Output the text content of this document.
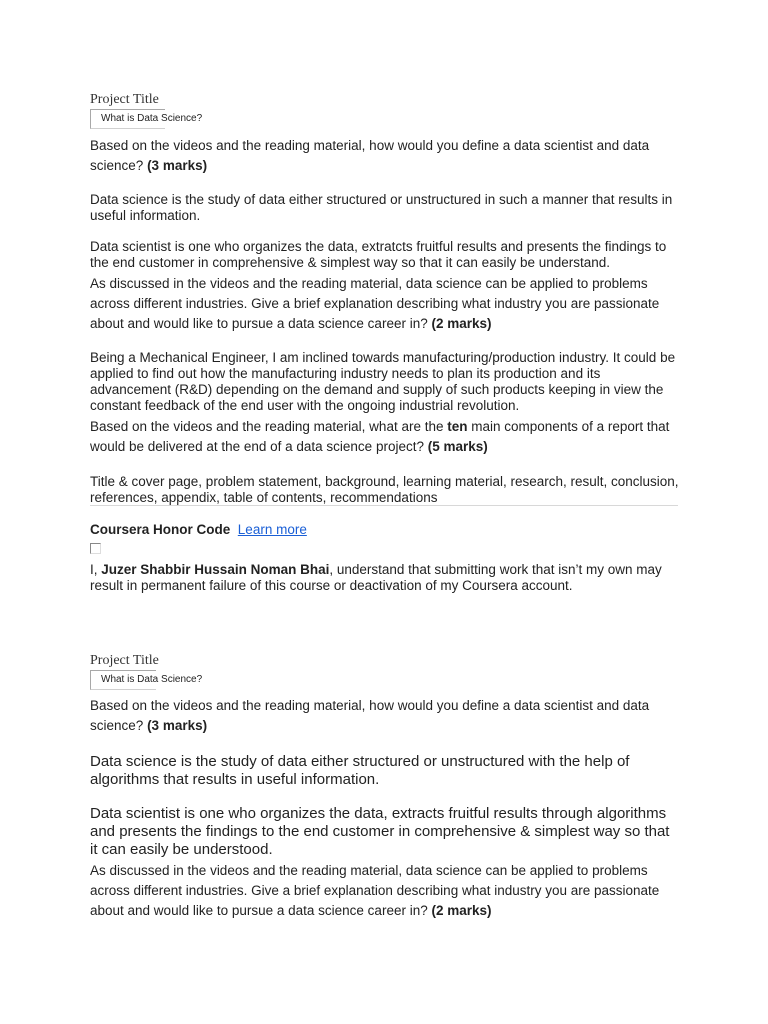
Project Title
What is Data Science?
Based on the videos and the reading material, how would you define a data scientist and data science? (3 marks)
Data science is the study of data either structured or unstructured in such a manner that results in useful information.
Data scientist is one who organizes the data, extratcts fruitful results and presents the findings to the end customer in comprehensive & simplest way so that it can easily be understand.
As discussed in the videos and the reading material, data science can be applied to problems across different industries. Give a brief explanation describing what industry you are passionate about and would like to pursue a data science career in? (2 marks)
Being a Mechanical Engineer, I am inclined towards manufacturing/production industry. It could be applied to find out how the manufacturing industry needs to plan its production and its advancement (R&D) depending on the demand and supply of such products keeping in view the constant feedback of the end user with the ongoing industrial revolution.
Based on the videos and the reading material, what are the ten main components of a report that would be delivered at the end of a data science project? (5 marks)
Title & cover page, problem statement, background, learning material, research, result, conclusion, references, appendix, table of contents, recommendations
Coursera Honor Code Learn more
I, Juzer Shabbir Hussain Noman Bhai, understand that submitting work that isn’t my own may result in permanent failure of this course or deactivation of my Coursera account.
Project Title
What is Data Science?
Based on the videos and the reading material, how would you define a data scientist and data science? (3 marks)
Data science is the study of data either structured or unstructured with the help of algorithms that results in useful information.
Data scientist is one who organizes the data, extracts fruitful results through algorithms and presents the findings to the end customer in comprehensive & simplest way so that it can easily be understood.
As discussed in the videos and the reading material, data science can be applied to problems across different industries. Give a brief explanation describing what industry you are passionate about and would like to pursue a data science career in? (2 marks)
